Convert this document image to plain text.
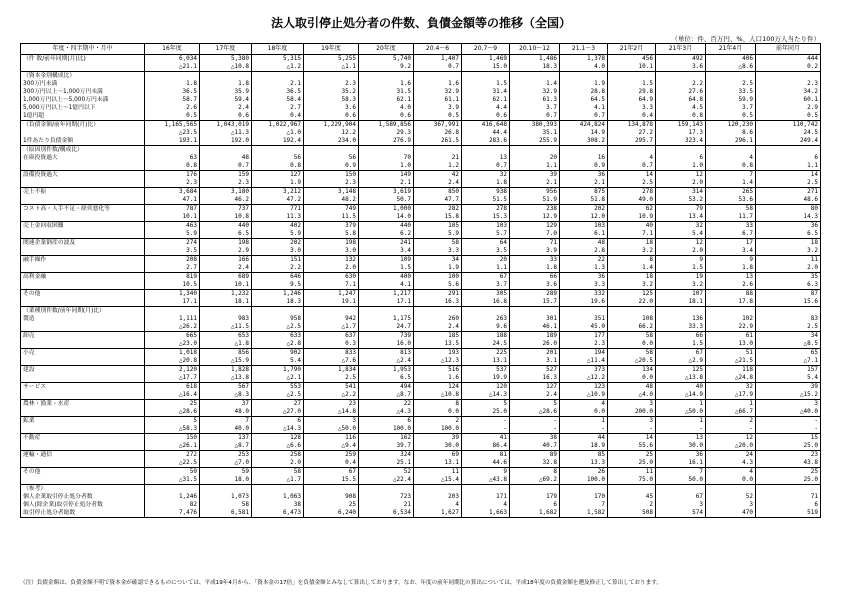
法人取引停止処分者の件数、負債金額等の推移（全国）
（単位：件、百万円、%、人口100万人当たり件）
年度・四半期中・月中	16年度	17年度	18年度	19年度	20年度	20.4～6	20.7～9	20.10～12	21.1～3	21年2月	21年3月	21年4月	前年同月
（件 数/前年同期(月)比)	6,034	5,380	5,315	5,255	5,740	1,407	1,469	1,486	1,378	456	492	406	444
	△21.1	△10.8	△1.2	△1.1	9.2	0.7	15.0	18.3	4.0	10.1	3.6	△8.6	0.2
（資本金別構成比）													
300万円未満	1.8	1.8	2.1	2.3	1.6	1.6	1.5	1.4	1.9	1.5	2.2	2.5	2.3
300万円以上～1,000万円未満	36.5	35.9	36.5	35.2	31.5	32.9	31.4	32.9	28.8	29.8	27.6	33.5	34.2
1,000万円以上～5,000万円未満	58.7	59.4	58.4	58.3	62.1	61.1	62.1	61.3	64.5	64.9	64.8	59.9	60.1
5,000万円以上～1億円以下	2.6	2.4	2.7	3.6	4.0	3.9	4.4	3.7	4.1	3.3	4.5	3.7	2.9
1億円超	0.5	0.6	0.4	0.6	0.6	0.5	0.6	0.7	0.7	0.4	0.8	0.5	0.5
（負債金額/前年同期(月)比）	1,165,565	1,043,019	1,022,967	1,229,904	1,589,856	367,991	416,648	380,393	424,824	134,878	159,143	120,230	110,742
	△23.5	△11.3	△1.0	12.2	29.3	26.8	44.4	35.1	14.9	27.2	17.3	8.6	24.5
1件あたり負債金額	193.1	192.0	192.4	234.0	276.9	261.5	283.6	255.9	308.2	295.7	323.4	296.1	249.4
（原因別件数/構成比）													
在庫投資過大	63	48	56	56	70	21	13	20	16	4	6	4	6
	0.8	0.7	0.8	0.9	1.0	1.2	0.7	1.1	0.9	0.7	1.0	0.8	1.1
設備投資過大	176	159	127	150	149	42	32	39	36	14	12	7	14
	2.3	2.3	1.9	2.3	2.1	2.4	1.8	2.1	2.1	2.5	2.0	1.4	2.5
売上不振	3,684	3,180	3,212	3,148	3,619	850	938	956	875	278	314	265	271
	47.1	46.2	47.2	48.2	50.7	47.7	51.5	51.9	51.8	49.0	53.2	53.6	48.6
コスト高・人手不足・経営悪化等	787	737	771	749	1,000	282	278	238	202	62	79	58	80
	10.1	10.8	11.3	11.5	14.0	15.8	15.3	12.9	12.0	10.9	13.4	11.7	14.3
売上金回収困難	463	440	402	379	440	105	103	129	103	40	32	33	36
	5.9	6.5	5.9	5.8	6.2	5.9	5.7	7.0	6.1	7.1	5.4	6.7	6.5
関連企業倒産の波及	274	198	202	198	241	58	64	71	48	18	12	17	18
	3.5	2.9	3.0	3.0	3.4	3.3	3.5	3.9	2.8	3.2	2.0	3.4	3.2
融手操作	208	166	151	132	109	34	20	33	22	8	9	9	11
	2.7	2.4	2.2	2.0	1.5	1.9	1.1	1.8	1.3	1.4	1.5	1.8	2.0
高利金融	819	689	646	630	400	100	67	66	36	18	19	13	35
	10.5	10.1	9.5	7.1	4.1	5.6	3.7	3.6	3.3	3.2	3.2	2.6	6.3
その他	1,340	1,232	1,246	1,247	1,217	291	305	289	332	125	107	88	87
	17.1	18.1	18.3	19.1	17.1	16.3	16.8	15.7	19.6	22.0	18.1	17.8	15.6
（業種別件数/前年同期(月)比）													
製造	1,111	983	958	942	1,175	260	263	301	351	108	136	102	83
	△26.2	△11.5	△2.5	△1.7	24.7	2.4	9.6	46.1	45.0	66.2	33.3	22.9	2.5
卸売	665	653	633	637	739	185	188	189	177	58	66	61	34
	△23.0	△1.8	△2.8	0.3	16.0	13.5	24.5	26.0	2.3	0.0	1.5	13.0	△8.5
小売	1,018	856	902	833	813	193	225	201	194	58	67	51	65
	△20.8	△15.9	5.4	△7.6	△2.4	△12.3	13.1	3.1	△11.4	△20.5	△2.9	△21.5	△7.1
建設	2,120	1,828	1,790	1,834	1,953	516	537	527	373	134	125	118	157
	△17.7	△13.8	△2.1	2.5	6.5	1.6	19.9	16.3	△12.2	0.0	△13.8	△24.8	5.4
サービス	618	567	553	541	494	124	120	127	123	48	40	32	39
	△16.4	△8.3	△2.5	△2.2	△8.7	△10.8	△14.3	2.4	△10.9	△4.0	△14.9	△17.9	△15.2
農林・漁業・水産	25	37	27	23	22	8	5	5	4	3	1	1	3
	△28.6	48.0	△27.0	△14.8	△4.3	0.0	25.0	△28.6	0.0	200.0	△50.0	△66.7	△40.0
鉱業	5	7	6	3	6	2	-	-	1	3	1	2	-
	△58.3	40.0	△14.3	△50.0	100.0	100.0	-	-	-	-	-	-	-
不動産	150	137	128	116	162	39	41	38	44	14	13	12	15
	△26.1	△8.7	△6.6	△9.4	39.7	30.0	86.4	40.7	18.9	55.6	30.0	△20.0	25.0
運輸・通信	272	253	258	259	324	69	81	89	85	25	36	24	23
	△22.5	△7.0	2.0	0.4	25.1	13.1	44.6	32.8	13.3	25.0	16.1	4.3	43.8
その他	50	59	58	67	52	11	9	8	26	11	7	4	25
	△31.5	18.0	△1.7	15.5	△22.4	△15.4	△43.8	△69.2	100.0	75.0	50.0	0.0	25.0
（参考）													
個人企業取引停止処分者数	1,246	1,073	1,063	908	723	203	171	179	170	45	67	52	71
個人(除企業)取引停止処分者数	82	58	38	25	21	4	4	6	7	2	3	3	6
取引停止処分者総数	7,476	6,581	6,473	6,240	6,534	1,627	1,663	1,682	1,582	508	574	470	519
（注）負債金額は、負債金額不明で資本金が確認できるものについては、平成19年4月から、「資本金の17倍」を負債金額とみなして算出しております。なお、年度の前年同期比の算出については、平成18年度の負債金額を遡及修正して算出しております。
